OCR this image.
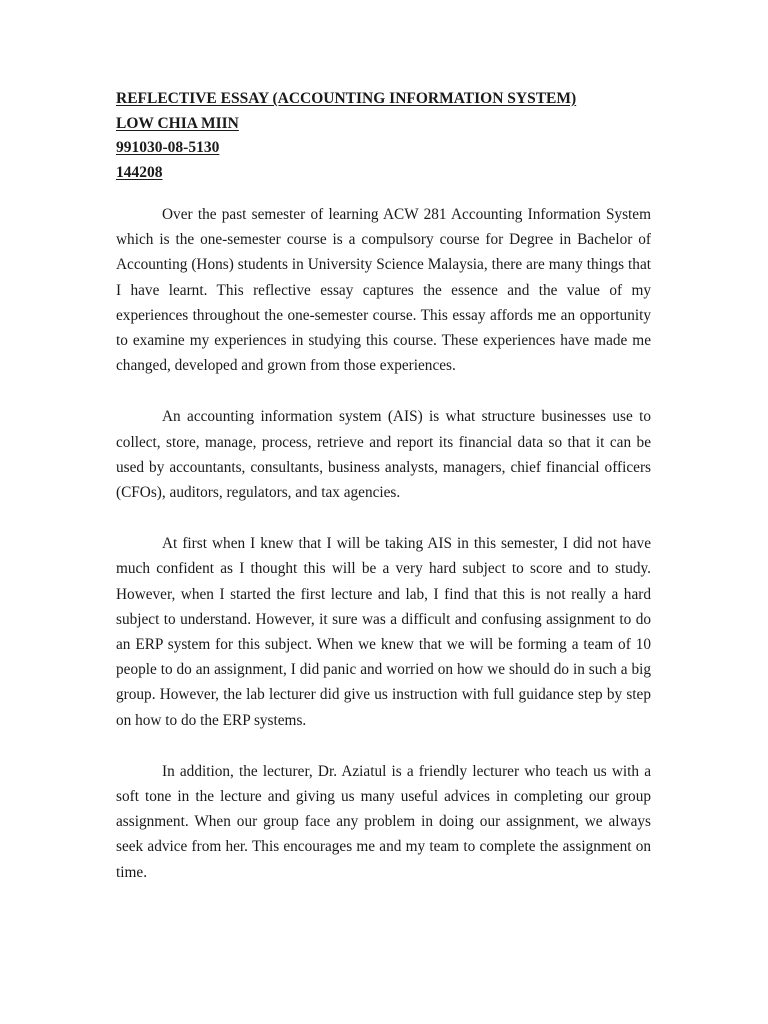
REFLECTIVE ESSAY (ACCOUNTING INFORMATION SYSTEM)
LOW CHIA MIIN
991030-08-5130
144208

Over the past semester of learning ACW 281 Accounting Information System which is the one-semester course is a compulsory course for Degree in Bachelor of Accounting (Hons) students in University Science Malaysia, there are many things that I have learnt. This reflective essay captures the essence and the value of my experiences throughout the one-semester course. This essay affords me an opportunity to examine my experiences in studying this course. These experiences have made me changed, developed and grown from those experiences.

An accounting information system (AIS) is what structure businesses use to collect, store, manage, process, retrieve and report its financial data so that it can be used by accountants, consultants, business analysts, managers, chief financial officers (CFOs), auditors, regulators, and tax agencies.

At first when I knew that I will be taking AIS in this semester, I did not have much confident as I thought this will be a very hard subject to score and to study. However, when I started the first lecture and lab, I find that this is not really a hard subject to understand. However, it sure was a difficult and confusing assignment to do an ERP system for this subject. When we knew that we will be forming a team of 10 people to do an assignment, I did panic and worried on how we should do in such a big group. However, the lab lecturer did give us instruction with full guidance step by step on how to do the ERP systems.

In addition, the lecturer, Dr. Aziatul is a friendly lecturer who teach us with a soft tone in the lecture and giving us many useful advices in completing our group assignment. When our group face any problem in doing our assignment, we always seek advice from her. This encourages me and my team to complete the assignment on time.
